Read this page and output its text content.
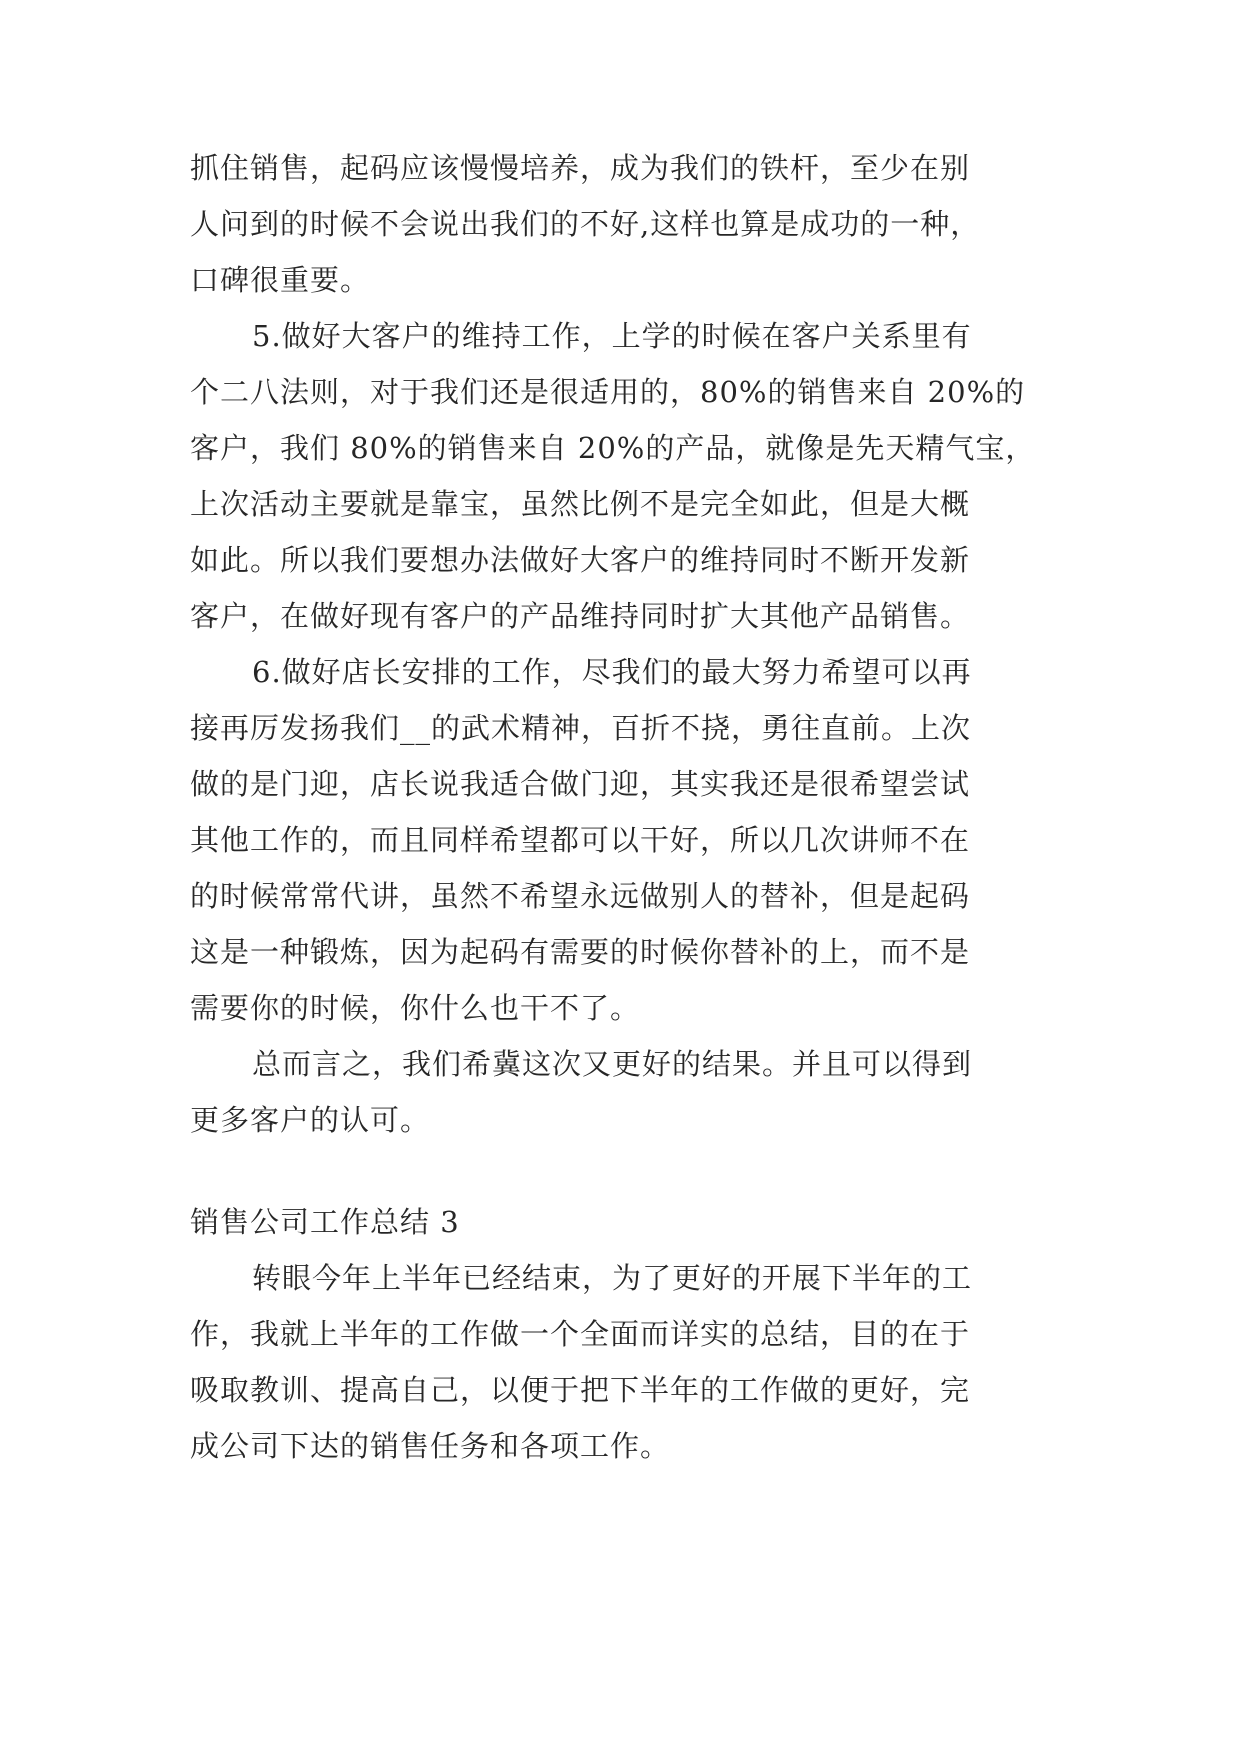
抓住销售，起码应该慢慢培养，成为我们的铁杆，至少在别

人问到的时候不会说出我们的不好,这样也算是成功的一种，

口碑很重要。

5.做好大客户的维持工作，上学的时候在客户关系里有

个二八法则，对于我们还是很适用的，80%的销售来自 20%的

客户，我们 80%的销售来自 20%的产品，就像是先天精气宝，

上次活动主要就是靠宝，虽然比例不是完全如此，但是大概

如此。所以我们要想办法做好大客户的维持同时不断开发新

客户，在做好现有客户的产品维持同时扩大其他产品销售。

6.做好店长安排的工作，尽我们的最大努力希望可以再

接再厉发扬我们__的武术精神，百折不挠，勇往直前。上次

做的是门迎，店长说我适合做门迎，其实我还是很希望尝试

其他工作的，而且同样希望都可以干好，所以几次讲师不在

的时候常常代讲，虽然不希望永远做别人的替补，但是起码

这是一种锻炼，因为起码有需要的时候你替补的上，而不是

需要你的时候，你什么也干不了。

总而言之，我们希冀这次又更好的结果。并且可以得到

更多客户的认可。

销售公司工作总结 3

转眼今年上半年已经结束，为了更好的开展下半年的工

作，我就上半年的工作做一个全面而详实的总结，目的在于

吸取教训、提高自己，以便于把下半年的工作做的更好，完

成公司下达的销售任务和各项工作。
